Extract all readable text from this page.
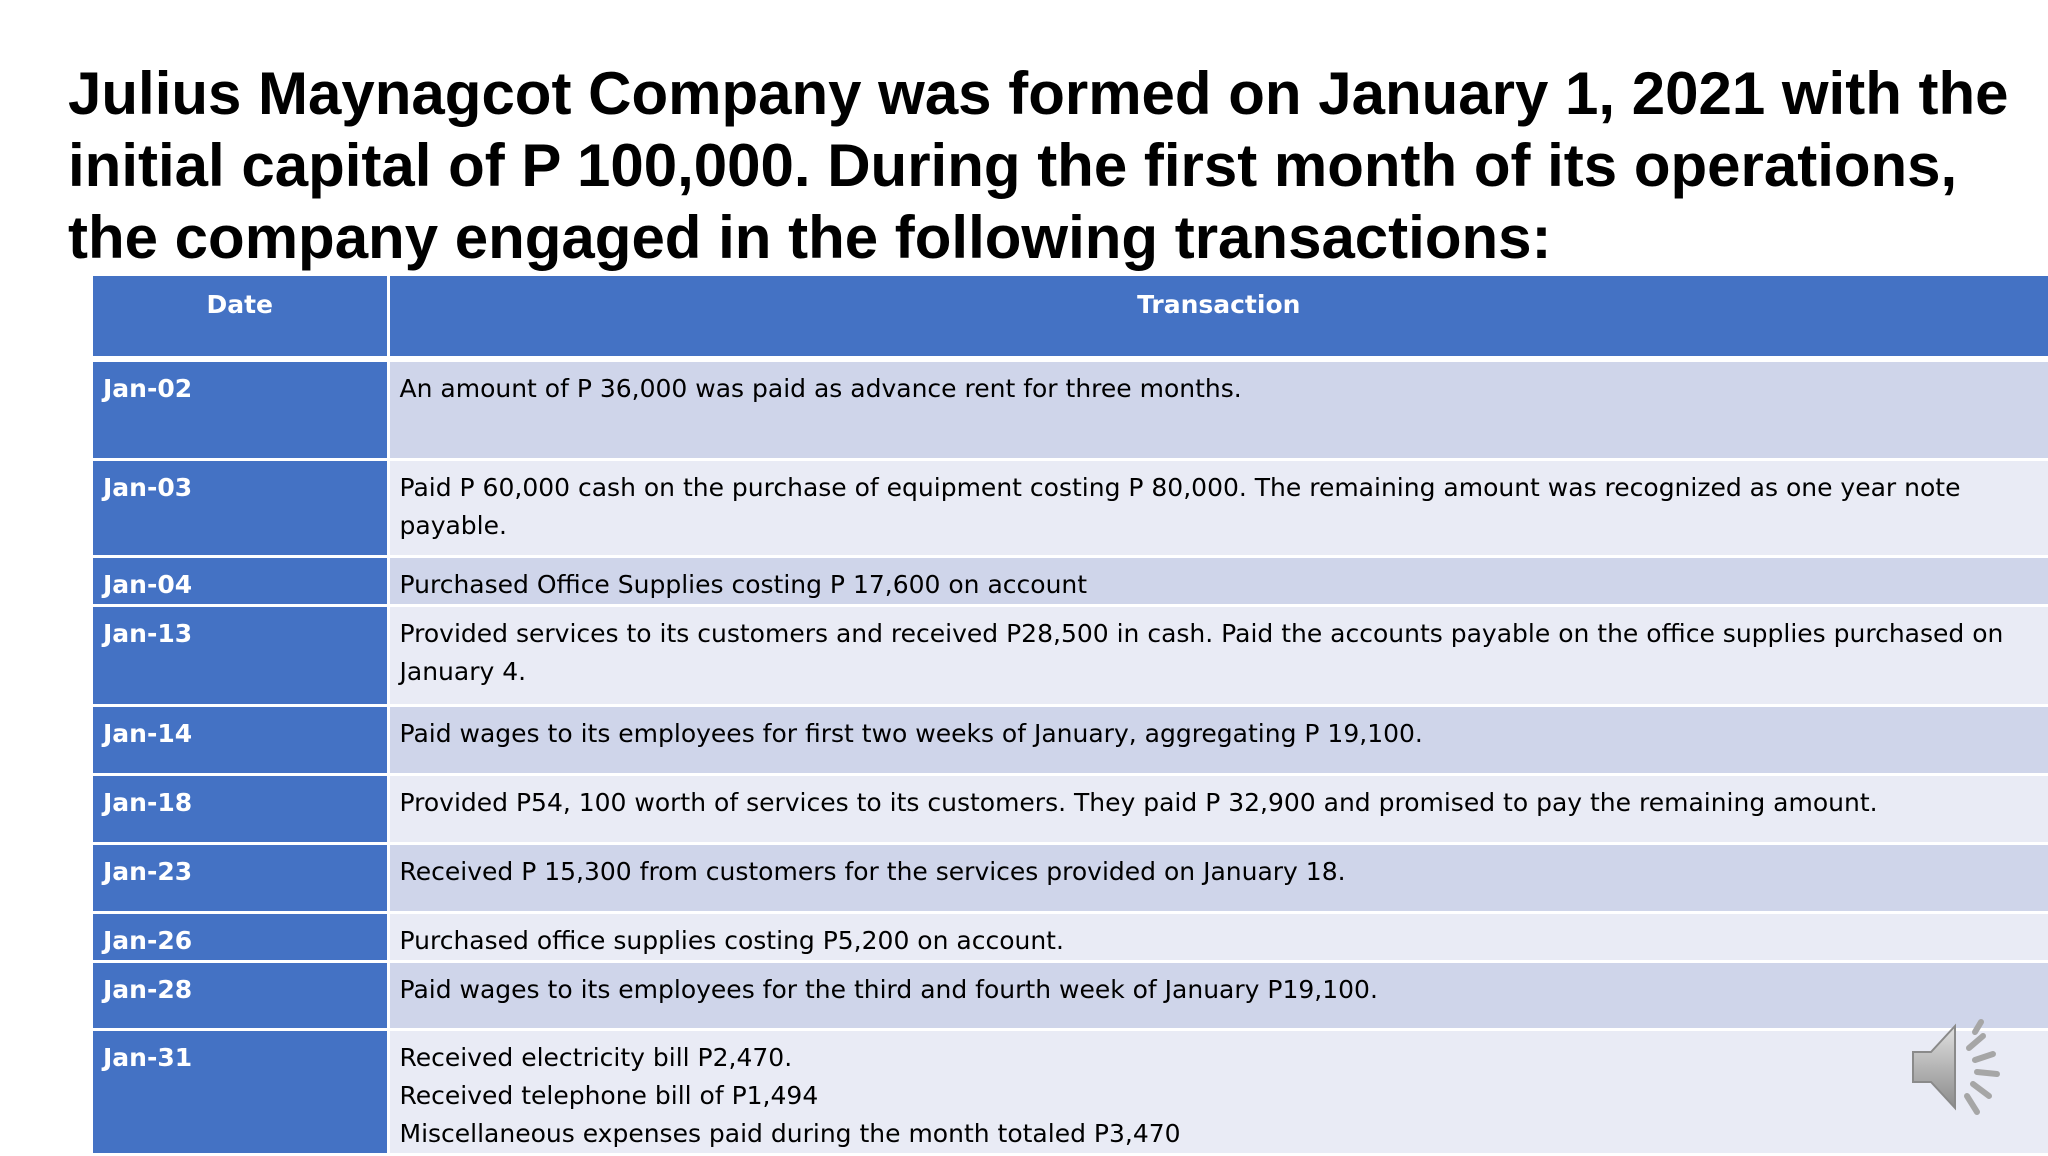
Julius Maynagcot Company was formed on January 1, 2021 with the initial capital of P 100,000. During the first month of its operations, the company engaged in the following transactions:
Date	Transaction
Jan-02	An amount of P 36,000 was paid as advance rent for three months.

Jan-03	Paid P 60,000 cash on the purchase of equipment costing P 80,000. The remaining amount was recognized as one year note payable.

Jan-04	Purchased Office Supplies costing P 17,600 on account

Jan-13	Provided services to its customers and received P28,500 in cash. Paid the accounts payable on the office supplies purchased on January 4.

Jan-14	Paid wages to its employees for first two weeks of January, aggregating P 19,100.

Jan-18	Provided P54, 100 worth of services to its customers. They paid P 32,900 and promised to pay the remaining amount.

Jan-23	Received P 15,300 from customers for the services provided on January 18.

Jan-26	Purchased office supplies costing P5,200 on account.

Jan-28	Paid wages to its employees for the third and fourth week of January P19,100.

Jan-31	Received electricity bill P2,470.
Received telephone bill of P1,494
Miscellaneous expenses paid during the month totaled P3,470
